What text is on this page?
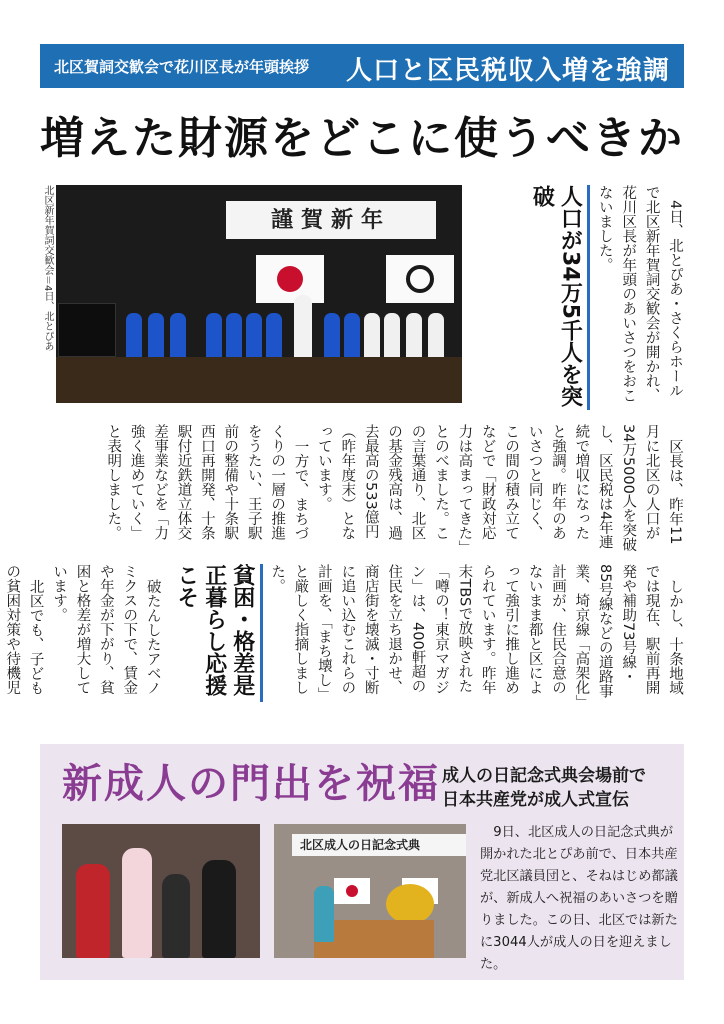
北区賀詞交歓会で花川区長が年頭挨拶 人口と区民税収入増を強調
増えた財源をどこに使うべきか
北区新年賀詞交歓会＝4日、北とぴあ	謹賀新年	4日、北とぴあ・さくらホールで北区新年賀詞交歓会が開かれ、花川区長が年頭のあいさつをおこないました。
人口が34万5千人を突破
区長は、昨年11月に北区の人口が34万5000人を突破し、区民税は4年連続で増収になったと強調。昨年のあいさつと同じく、この間の積み立てなどで「財政対応力は高まってきた」とのべました。この言葉通り、北区の基金残高は、過去最高の533億円（昨年度末）となっています。
一方で、まちづくりの一層の推進をうたい、王子駅前の整備や十条駅西口再開発、十条駅付近鉄道立体交差事業などを「力強く進めていく」と表明しました。
しかし、十条地域では現在、駅前再開発や補助73号線・85号線などの道路事業、埼京線「高架化」計画が、住民合意のないまま都と区によって強引に推し進められています。昨年末TBSで放映された「噂の！東京マガジン」は、400軒超の住民を立ち退かせ、商店街を壊滅・寸断に追い込むこれらの計画を、「まち壊し」と厳しく指摘しました。
貧困・格差是正暮らし応援こそ
破たんしたアベノミクスの下で、賃金や年金が下がり、貧困と格差が増大しています。
北区でも、子どもの貧困対策や待機児
新成人の門出を祝福 成人の日記念式典会場前で
日本共産党が成人式宣伝
北区成人の日記念式典
9日、北区成人の日記念式典が開かれた北とぴあ前で、日本共産党北区議員団と、そねはじめ都議が、新成人へ祝福のあいさつを贈りました。この日、北区では新たに3044人が成人の日を迎えました。
